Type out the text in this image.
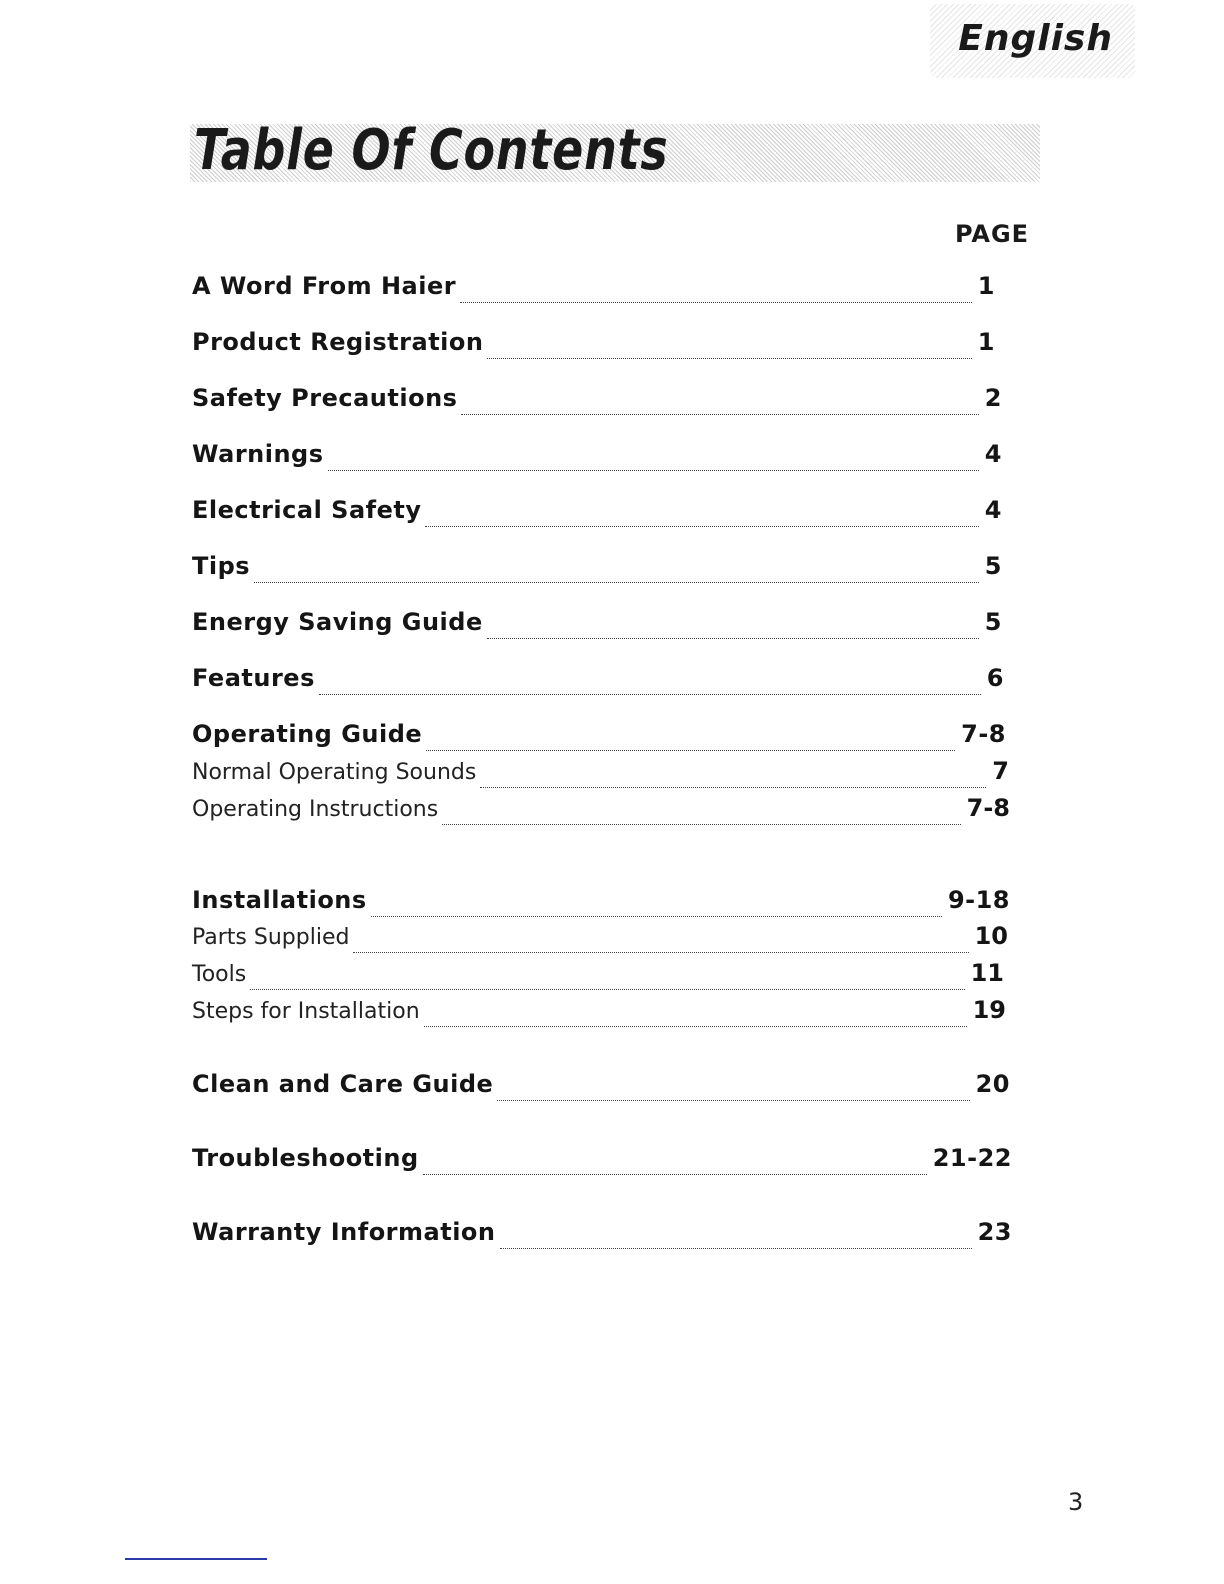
English
Table Of Contents
PAGE
A Word From Haier	1
Product Registration	1
Safety Precautions	2
Warnings	4
Electrical Safety	4
Tips	5
Energy Saving Guide	5
Features	6
Operating Guide	7-8
Normal Operating Sounds	7
Operating Instructions	7-8
Installations	9-18
Parts Supplied	10
Tools	11
Steps for Installation	19
Clean and Care Guide	20
Troubleshooting	21-22
Warranty Information	23
3
